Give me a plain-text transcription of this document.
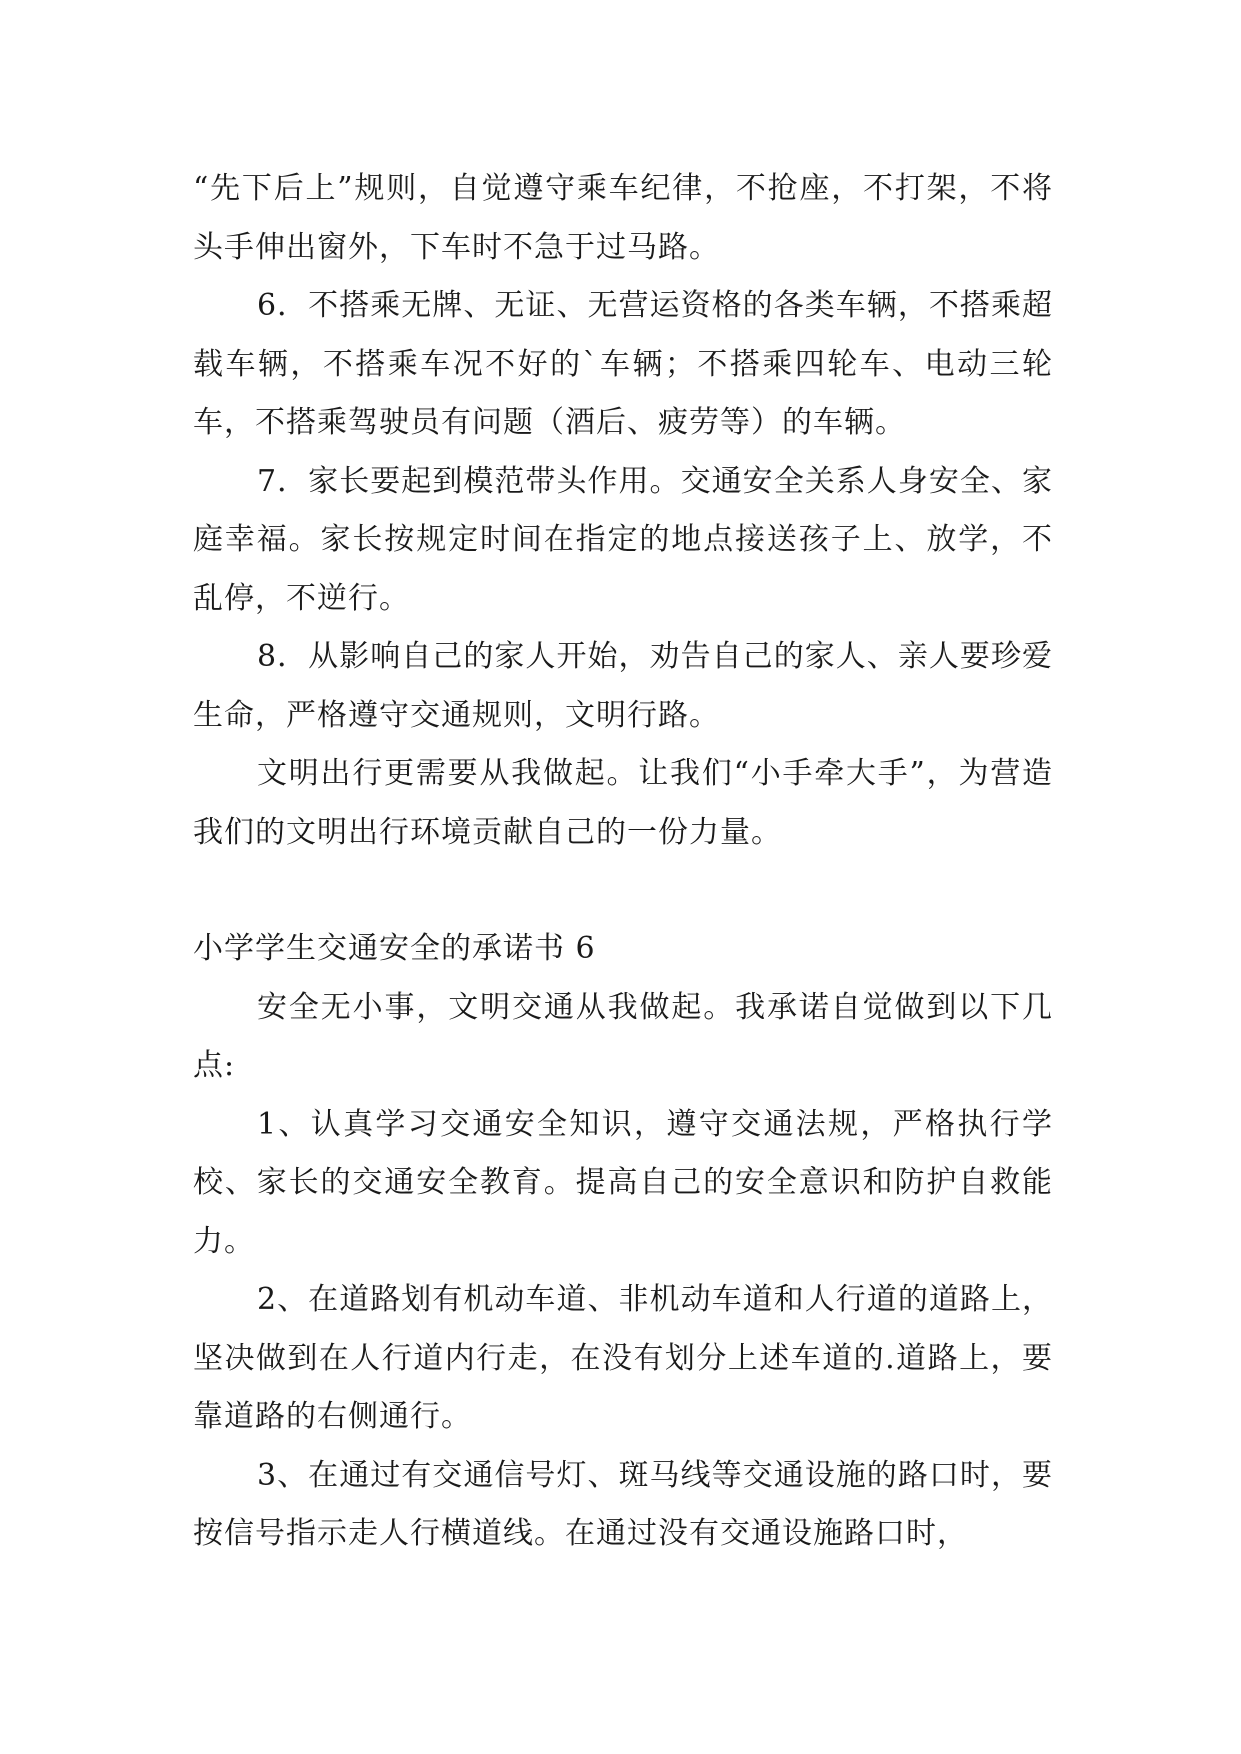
“先下后上”规则，自觉遵守乘车纪律，不抢座，不打架，不将头手伸出窗外，下车时不急于过马路。

6．不搭乘无牌、无证、无营运资格的各类车辆，不搭乘超载车辆，不搭乘车况不好的`车辆；不搭乘四轮车、电动三轮车，不搭乘驾驶员有问题（酒后、疲劳等）的车辆。

7．家长要起到模范带头作用。交通安全关系人身安全、家庭幸福。家长按规定时间在指定的地点接送孩子上、放学，不乱停，不逆行。

8．从影响自己的家人开始，劝告自己的家人、亲人要珍爱生命，严格遵守交通规则，文明行路。

文明出行更需要从我做起。让我们“小手牵大手”，为营造我们的文明出行环境贡献自己的一份力量。

小学学生交通安全的承诺书 6

安全无小事，文明交通从我做起。我承诺自觉做到以下几点:

1、认真学习交通安全知识，遵守交通法规，严格执行学校、家长的交通安全教育。提高自己的安全意识和防护自救能力。

2、在道路划有机动车道、非机动车道和人行道的道路上，坚决做到在人行道内行走，在没有划分上述车道的.道路上，要靠道路的右侧通行。

3、在通过有交通信号灯、斑马线等交通设施的路口时，要按信号指示走人行横道线。在通过没有交通设施路口时，
